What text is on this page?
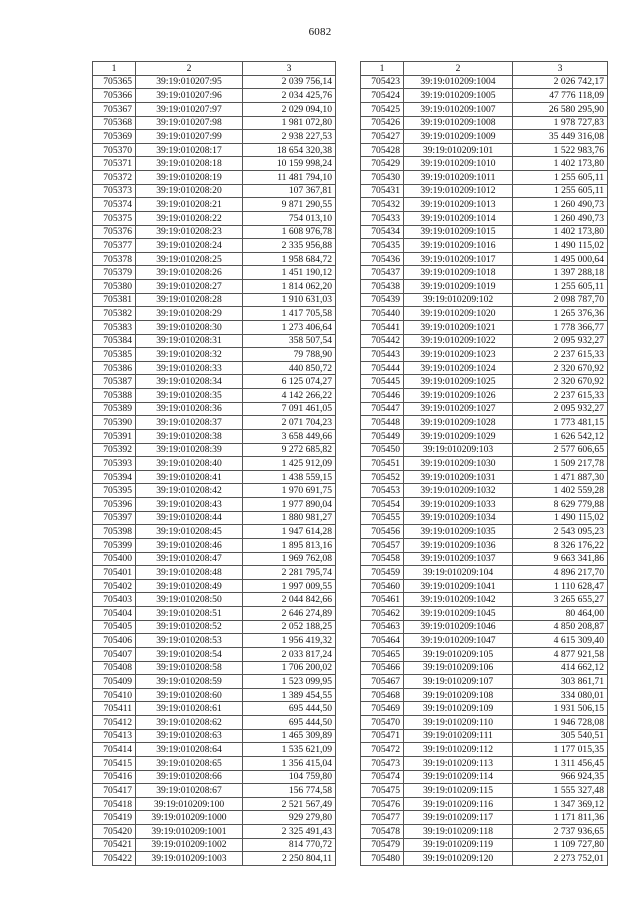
6082
1	2	3
705365	39:19:010207:95	2 039 756,14
705366	39:19:010207:96	2 034 425,76
705367	39:19:010207:97	2 029 094,10
705368	39:19:010207:98	1 981 072,80
705369	39:19:010207:99	2 938 227,53
705370	39:19:010208:17	18 654 320,38
705371	39:19:010208:18	10 159 998,24
705372	39:19:010208:19	11 481 794,10
705373	39:19:010208:20	107 367,81
705374	39:19:010208:21	9 871 290,55
705375	39:19:010208:22	754 013,10
705376	39:19:010208:23	1 608 976,78
705377	39:19:010208:24	2 335 956,88
705378	39:19:010208:25	1 958 684,72
705379	39:19:010208:26	1 451 190,12
705380	39:19:010208:27	1 814 062,20
705381	39:19:010208:28	1 910 631,03
705382	39:19:010208:29	1 417 705,58
705383	39:19:010208:30	1 273 406,64
705384	39:19:010208:31	358 507,54
705385	39:19:010208:32	79 788,90
705386	39:19:010208:33	440 850,72
705387	39:19:010208:34	6 125 074,27
705388	39:19:010208:35	4 142 266,22
705389	39:19:010208:36	7 091 461,05
705390	39:19:010208:37	2 071 704,23
705391	39:19:010208:38	3 658 449,66
705392	39:19:010208:39	9 272 685,82
705393	39:19:010208:40	1 425 912,09
705394	39:19:010208:41	1 438 559,15
705395	39:19:010208:42	1 970 691,75
705396	39:19:010208:43	1 977 890,04
705397	39:19:010208:44	1 880 981,27
705398	39:19:010208:45	1 947 614,28
705399	39:19:010208:46	1 895 813,16
705400	39:19:010208:47	1 969 762,08
705401	39:19:010208:48	2 281 795,74
705402	39:19:010208:49	1 997 009,55
705403	39:19:010208:50	2 044 842,66
705404	39:19:010208:51	2 646 274,89
705405	39:19:010208:52	2 052 188,25
705406	39:19:010208:53	1 956 419,32
705407	39:19:010208:54	2 033 817,24
705408	39:19:010208:58	1 706 200,02
705409	39:19:010208:59	1 523 099,95
705410	39:19:010208:60	1 389 454,55
705411	39:19:010208:61	695 444,50
705412	39:19:010208:62	695 444,50
705413	39:19:010208:63	1 465 309,89
705414	39:19:010208:64	1 535 621,09
705415	39:19:010208:65	1 356 415,04
705416	39:19:010208:66	104 759,80
705417	39:19:010208:67	156 774,58
705418	39:19:010209:100	2 521 567,49
705419	39:19:010209:1000	929 279,80
705420	39:19:010209:1001	2 325 491,43
705421	39:19:010209:1002	814 770,72
705422	39:19:010209:1003	2 250 804,11
1	2	3
705423	39:19:010209:1004	2 026 742,17
705424	39:19:010209:1005	47 776 118,09
705425	39:19:010209:1007	26 580 295,90
705426	39:19:010209:1008	1 978 727,83
705427	39:19:010209:1009	35 449 316,08
705428	39:19:010209:101	1 522 983,76
705429	39:19:010209:1010	1 402 173,80
705430	39:19:010209:1011	1 255 605,11
705431	39:19:010209:1012	1 255 605,11
705432	39:19:010209:1013	1 260 490,73
705433	39:19:010209:1014	1 260 490,73
705434	39:19:010209:1015	1 402 173,80
705435	39:19:010209:1016	1 490 115,02
705436	39:19:010209:1017	1 495 000,64
705437	39:19:010209:1018	1 397 288,18
705438	39:19:010209:1019	1 255 605,11
705439	39:19:010209:102	2 098 787,70
705440	39:19:010209:1020	1 265 376,36
705441	39:19:010209:1021	1 778 366,77
705442	39:19:010209:1022	2 095 932,27
705443	39:19:010209:1023	2 237 615,33
705444	39:19:010209:1024	2 320 670,92
705445	39:19:010209:1025	2 320 670,92
705446	39:19:010209:1026	2 237 615,33
705447	39:19:010209:1027	2 095 932,27
705448	39:19:010209:1028	1 773 481,15
705449	39:19:010209:1029	1 626 542,12
705450	39:19:010209:103	2 577 606,65
705451	39:19:010209:1030	1 509 217,78
705452	39:19:010209:1031	1 471 887,30
705453	39:19:010209:1032	1 402 559,28
705454	39:19:010209:1033	8 629 779,88
705455	39:19:010209:1034	1 490 115,02
705456	39:19:010209:1035	2 543 095,23
705457	39:19:010209:1036	8 326 176,22
705458	39:19:010209:1037	9 663 341,86
705459	39:19:010209:104	4 896 217,70
705460	39:19:010209:1041	1 110 628,47
705461	39:19:010209:1042	3 265 655,27
705462	39:19:010209:1045	80 464,00
705463	39:19:010209:1046	4 850 208,87
705464	39:19:010209:1047	4 615 309,40
705465	39:19:010209:105	4 877 921,58
705466	39:19:010209:106	414 662,12
705467	39:19:010209:107	303 861,71
705468	39:19:010209:108	334 080,01
705469	39:19:010209:109	1 931 506,15
705470	39:19:010209:110	1 946 728,08
705471	39:19:010209:111	305 540,51
705472	39:19:010209:112	1 177 015,35
705473	39:19:010209:113	1 311 456,45
705474	39:19:010209:114	966 924,35
705475	39:19:010209:115	1 555 327,48
705476	39:19:010209:116	1 347 369,12
705477	39:19:010209:117	1 171 811,36
705478	39:19:010209:118	2 737 936,65
705479	39:19:010209:119	1 109 727,80
705480	39:19:010209:120	2 273 752,01
